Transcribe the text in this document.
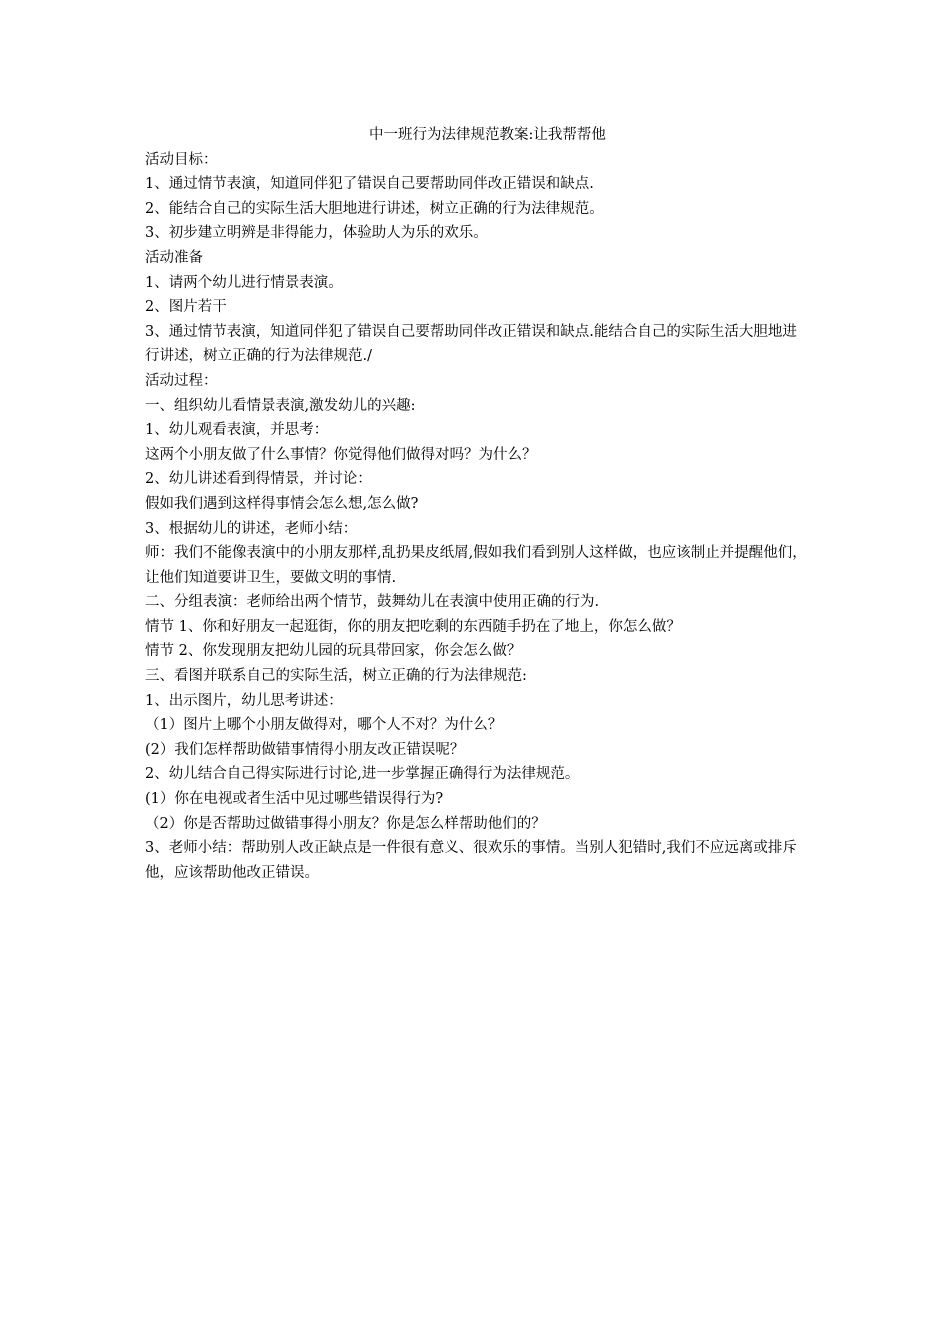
中一班行为法律规范教案:让我帮帮他

活动目标：

1、通过情节表演，知道同伴犯了错误自己要帮助同伴改正错误和缺点.

2、能结合自己的实际生活大胆地进行讲述，树立正确的行为法律规范。

3、初步建立明辨是非得能力，体验助人为乐的欢乐。

活动准备

1、请两个幼儿进行情景表演。

2、图片若干

3、通过情节表演，知道同伴犯了错误自己要帮助同伴改正错误和缺点.能结合自己的实际生活大胆地进行讲述，树立正确的行为法律规范./

活动过程：

一、组织幼儿看情景表演,激发幼儿的兴趣:

1、幼儿观看表演，并思考：

这两个小朋友做了什么事情？你觉得他们做得对吗？为什么？

2、幼儿讲述看到得情景，并讨论：

假如我们遇到这样得事情会怎么想,怎么做?

3、根据幼儿的讲述，老师小结：

师：我们不能像表演中的小朋友那样,乱扔果皮纸屑,假如我们看到别人这样做，也应该制止并提醒他们，让他们知道要讲卫生，要做文明的事情.

二、分组表演：老师给出两个情节，鼓舞幼儿在表演中使用正确的行为.

情节 1、你和好朋友一起逛街，你的朋友把吃剩的东西随手扔在了地上，你怎么做？

情节 2、你发现朋友把幼儿园的玩具带回家，你会怎么做？

三、看图并联系自己的实际生活，树立正确的行为法律规范:

1、出示图片，幼儿思考讲述：

（1）图片上哪个小朋友做得对，哪个人不对？为什么？

(2）我们怎样帮助做错事情得小朋友改正错误呢？

2、幼儿结合自己得实际进行讨论,进一步掌握正确得行为法律规范。

(1）你在电视或者生活中见过哪些错误得行为?

（2）你是否帮助过做错事得小朋友？你是怎么样帮助他们的？

3、老师小结：帮助别人改正缺点是一件很有意义、很欢乐的事情。当别人犯错时,我们不应远离或排斥他，应该帮助他改正错误。
